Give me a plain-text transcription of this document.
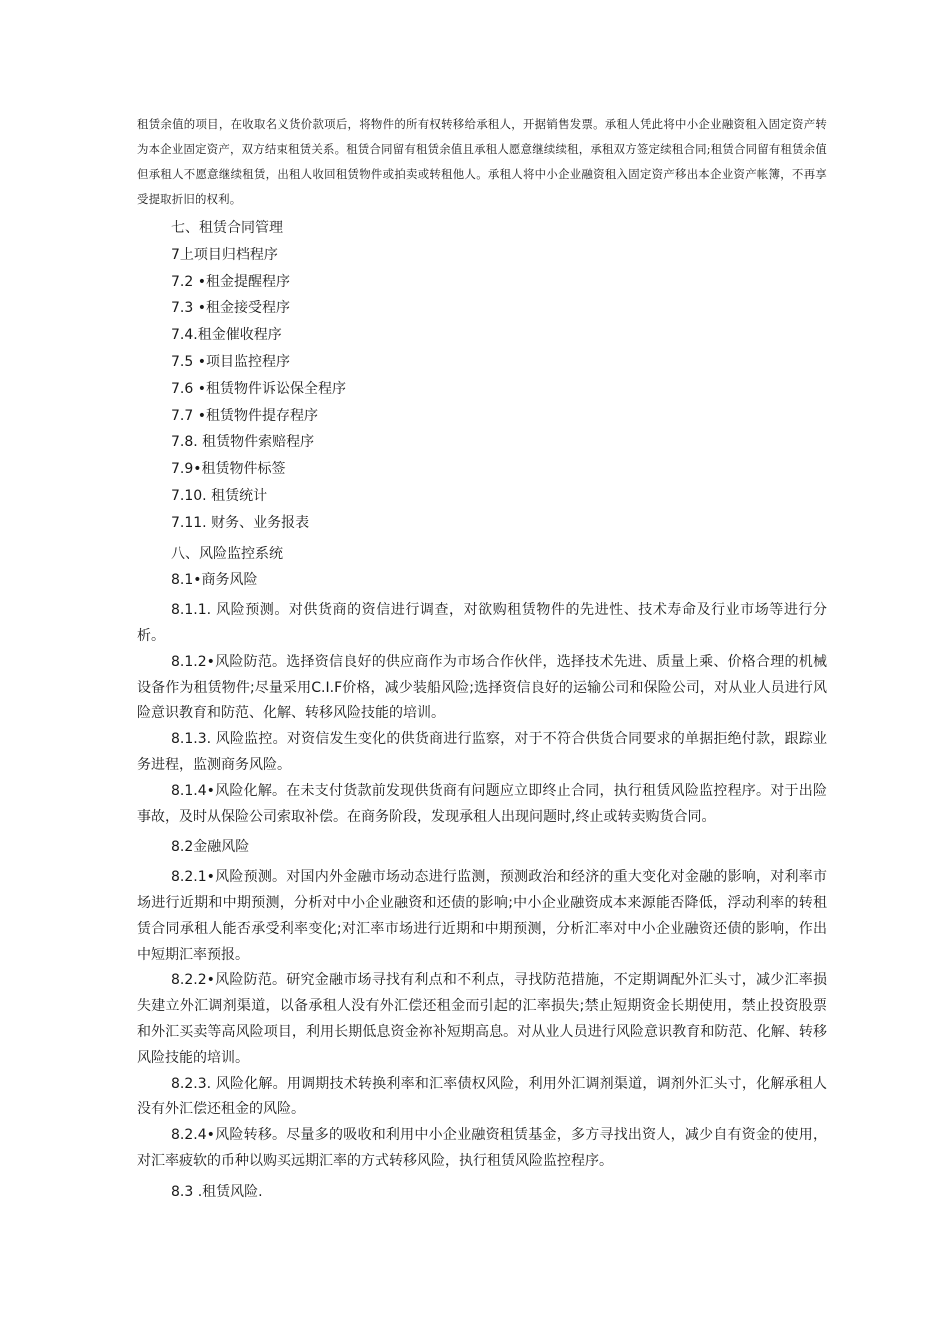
租赁余值的项目，在收取名义货价款项后，将物件的所有权转移给承租人，开据销售发票。承租人凭此将中小企业融资租入固定资产转为本企业固定资产，双方结束租赁关系。租赁合同留有租赁余值且承租人愿意继续续租，承租双方签定续租合同;租赁合同留有租赁余值但承租人不愿意继续租赁，出租人收回租赁物件或拍卖或转租他人。承租人将中小企业融资租入固定资产移出本企业资产帐簿，不再享受提取折旧的权利。

七、租赁合同管理

7上项目归档程序

7.2 •租金提醒程序

7.3 •租金接受程序

7.4.租金催收程序

7.5 •项目监控程序

7.6 •租赁物件诉讼保全程序

7.7 •租赁物件提存程序

7.8. 租赁物件索赔程序

7.9•租赁物件标签

7.10. 租赁统计

7.11. 财务、业务报表

八、风险监控系统

8.1•商务风险

8.1.1. 风险预测。对供货商的资信进行调查，对欲购租赁物件的先进性、技术寿命及行业市场等进行分析。

8.1.2•风险防范。选择资信良好的供应商作为市场合作伙伴，选择技术先进、质量上乘、价格合理的机械设备作为租赁物件;尽量采用C.I.F价格，减少装船风险;选择资信良好的运输公司和保险公司，对从业人员进行风险意识教育和防范、化解、转移风险技能的培训。

8.1.3. 风险监控。对资信发生变化的供货商进行监察，对于不符合供货合同要求的单据拒绝付款，跟踪业务进程，监测商务风险。

8.1.4•风险化解。在未支付货款前发现供货商有问题应立即终止合同，执行租赁风险监控程序。对于出险事故，及时从保险公司索取补偿。在商务阶段，发现承租人出现问题时,终止或转卖购货合同。

8.2金融风险

8.2.1•风险预测。对国内外金融市场动态进行监测，预测政治和经济的重大变化对金融的影响，对利率市场进行近期和中期预测，分析对中小企业融资和还债的影响;中小企业融资成本来源能否降低，浮动利率的转租赁合同承租人能否承受利率变化;对汇率市场进行近期和中期预测，分析汇率对中小企业融资还债的影响，作出中短期汇率预报。

8.2.2•风险防范。研究金融市场寻找有利点和不利点，寻找防范措施，不定期调配外汇头寸，减少汇率损失建立外汇调剂渠道，以备承租人没有外汇偿还租金而引起的汇率损失;禁止短期资金长期使用，禁止投资股票和外汇买卖等高风险项目，利用长期低息资金祢补短期高息。对从业人员进行风险意识教育和防范、化解、转移风险技能的培训。

8.2.3. 风险化解。用调期技术转换利率和汇率债权风险，利用外汇调剂渠道，调剂外汇头寸，化解承租人没有外汇偿还租金的风险。

8.2.4•风险转移。尽量多的吸收和利用中小企业融资租赁基金，多方寻找出资人，减少自有资金的使用，对汇率疲软的币种以购买远期汇率的方式转移风险，执行租赁风险监控程序。

8.3 .租赁风险.
